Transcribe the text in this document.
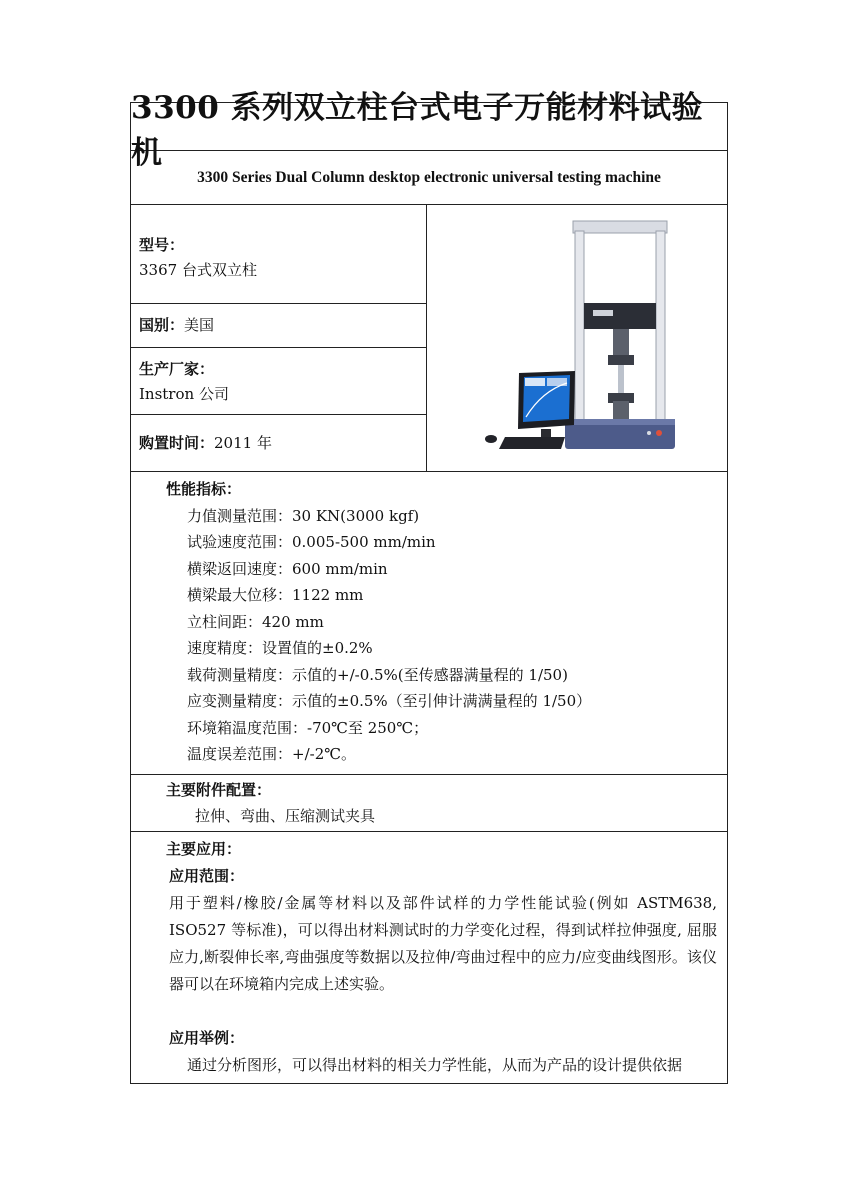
3300 系列双立柱台式电子万能材料试验机
3300 Series Dual Column desktop electronic universal testing machine
型号：
3367 台式双立柱
国别： 美国
生产厂家：
Instron 公司
购置时间： 2011 年
性能指标：
力值测量范围：30 KN(3000 kgf)
试验速度范围：0.005-500 mm/min
横梁返回速度：600 mm/min
横梁最大位移：1122 mm
立柱间距：420 mm
速度精度：设置值的±0.2%
载荷测量精度：示值的+/-0.5%(至传感器满量程的 1/50)
应变测量精度：示值的±0.5%（至引伸计满满量程的 1/50）
环境箱温度范围：-70℃至 250℃；
温度误差范围：+/-2℃。
主要附件配置：
拉伸、弯曲、压缩测试夹具
主要应用：
应用范围：
用于塑料/橡胶/金属等材料以及部件试样的力学性能试验(例如 ASTM638, ISO527 等标准)，可以得出材料测试时的力学变化过程，得到试样拉伸强度, 屈服应力,断裂伸长率,弯曲强度等数据以及拉伸/弯曲过程中的应力/应变曲线图形。该仪器可以在环境箱内完成上述实验。
应用举例：
通过分析图形，可以得出材料的相关力学性能，从而为产品的设计提供依据
